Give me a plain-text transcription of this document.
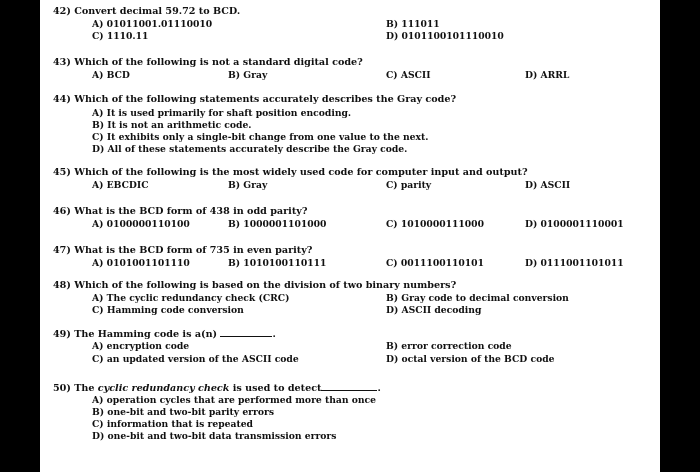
42) Convert decimal 59.72 to BCD.
A) 01011001.01110010	B) 111011
C) 1110.11	D) 0101100101110010
43) Which of the following is not a standard digital code?
A) BCD	B) Gray	C) ASCII	D) ARRL
44) Which of the following statements accurately describes the Gray code?
A) It is used primarily for shaft position encoding.
B) It is not an arithmetic code.
C) It exhibits only a single-bit change from one value to the next.
D) All of these statements accurately describe the Gray code.
45) Which of the following is the most widely used code for computer input and output?
A) EBCDIC	B) Gray	C) parity	D) ASCII
46) What is the BCD form of 438 in odd parity?
A) 0100000110100	B) 1000001101000	C) 1010000111000	D) 0100001110001
47) What is the BCD form of 735 in even parity?
A) 0101001101110	B) 1010100110111	C) 0011100110101	D) 0111001101011
48) Which of the following is based on the division of two binary numbers?
A) The cyclic redundancy check (CRC)	B) Gray code to decimal conversion
C) Hamming code conversion	D) ASCII decoding
49) The Hamming code is a(n)	.
A) encryption code	B) error correction code
C) an updated version of the ASCII code	D) octal version of the BCD code
50) The cyclic redundancy check is used to detect	.
A) operation cycles that are performed more than once
B) one-bit and two-bit parity errors
C) information that is repeated
D) one-bit and two-bit data transmission errors
